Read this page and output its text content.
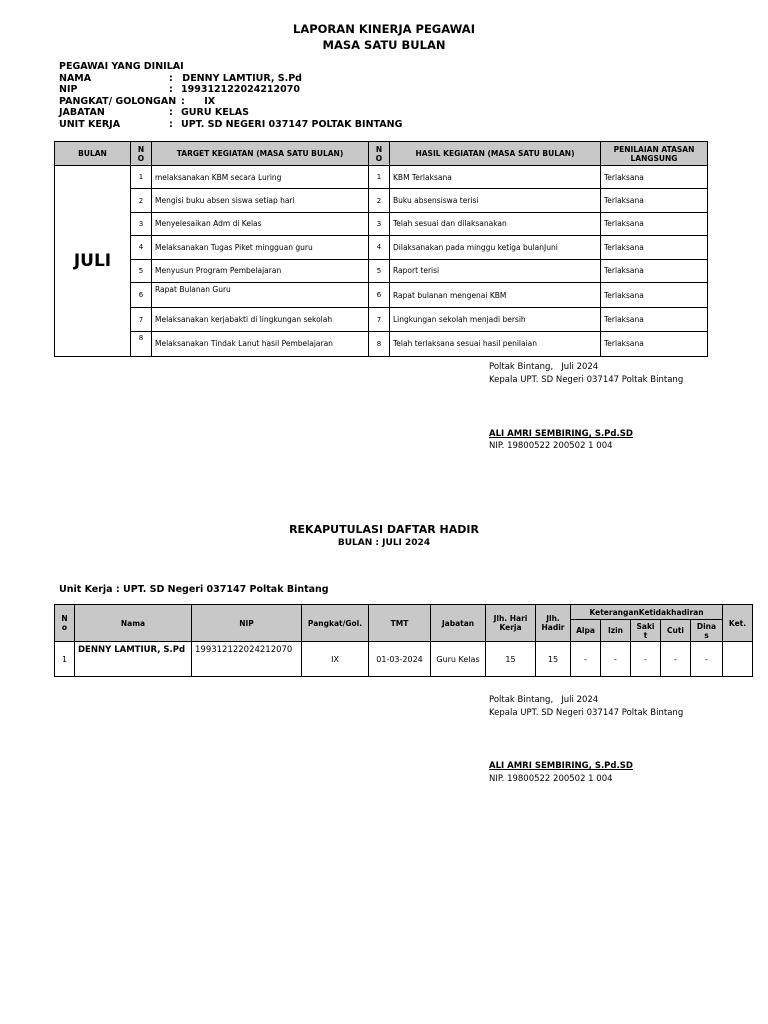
LAPORAN KINERJA PEGAWAI
MASA SATU BULAN
PEGAWAI YANG DINILAI
NAMA	: DENNY LAMTIUR, S.Pd
NIP	: 199312122024212070
PANGKAT/ GOLONGAN : IX
JABATAN	: GURU KELAS
UNIT KERJA	: UPT. SD NEGERI 037147 POLTAK BINTANG
BULAN	N O	TARGET KEGIATAN (MASA SATU BULAN)	N O	HASIL KEGIATAN (MASA SATU BULAN)	PENILAIAN ATASAN LANGSUNG
JULI	1	melaksanakan KBM secara Luring	1	KBM Terlaksana	Terlaksana
	2	Mengisi buku absen siswa setiap hari	2	Buku absensiswa terisi	Terlaksana
	3	Menyelesaikan Adm di Kelas	3	Telah sesuai dan dilaksanakan	Terlaksana
	4	Melaksanakan Tugas Piket mingguan guru	4	Dilaksanakan pada minggu ketiga bulanJuni	Terlaksana
	5	Menyusun Program Pembelajaran	5	Raport terisi	Terlaksana
	6	Rapat Bulanan Guru	6	Rapat bulanan mengenai KBM	Terlaksana
	7	Melaksanakan kerjabakti di lingkungan sekolah	7	Lingkungan sekolah menjadi bersih	Terlaksana
	8	Melaksanakan Tindak Lanut hasil Pembelajaran	8	Telah terlaksana sesuai hasil penilaian	Terlaksana
Poltak Bintang,   Juli 2024
Kepala UPT. SD Negeri 037147 Poltak Bintang
ALI AMRI SEMBIRING, S.Pd.SD
NIP. 19800522 200502 1 004
REKAPUTULASI DAFTAR HADIR
BULAN : JULI 2024
Unit Kerja : UPT. SD Negeri 037147 Poltak Bintang
N o	Nama	NIP	Pangkat/Gol.	TMT	Jabatan	Jlh. Hari Kerja	Jlh. Hadir	KeteranganKetidakhadiran					Ket.
								Alpa	Izin	Saki t	Cuti	Dina s	
1	DENNY LAMTIUR, S.Pd	199312122024212070	IX	01-03-2024	Guru Kelas	15	15	-	-	-	-	-	
Poltak Bintang,   Juli 2024
Kepala UPT. SD Negeri 037147 Poltak Bintang
ALI AMRI SEMBIRING, S.Pd.SD
NIP. 19800522 200502 1 004
